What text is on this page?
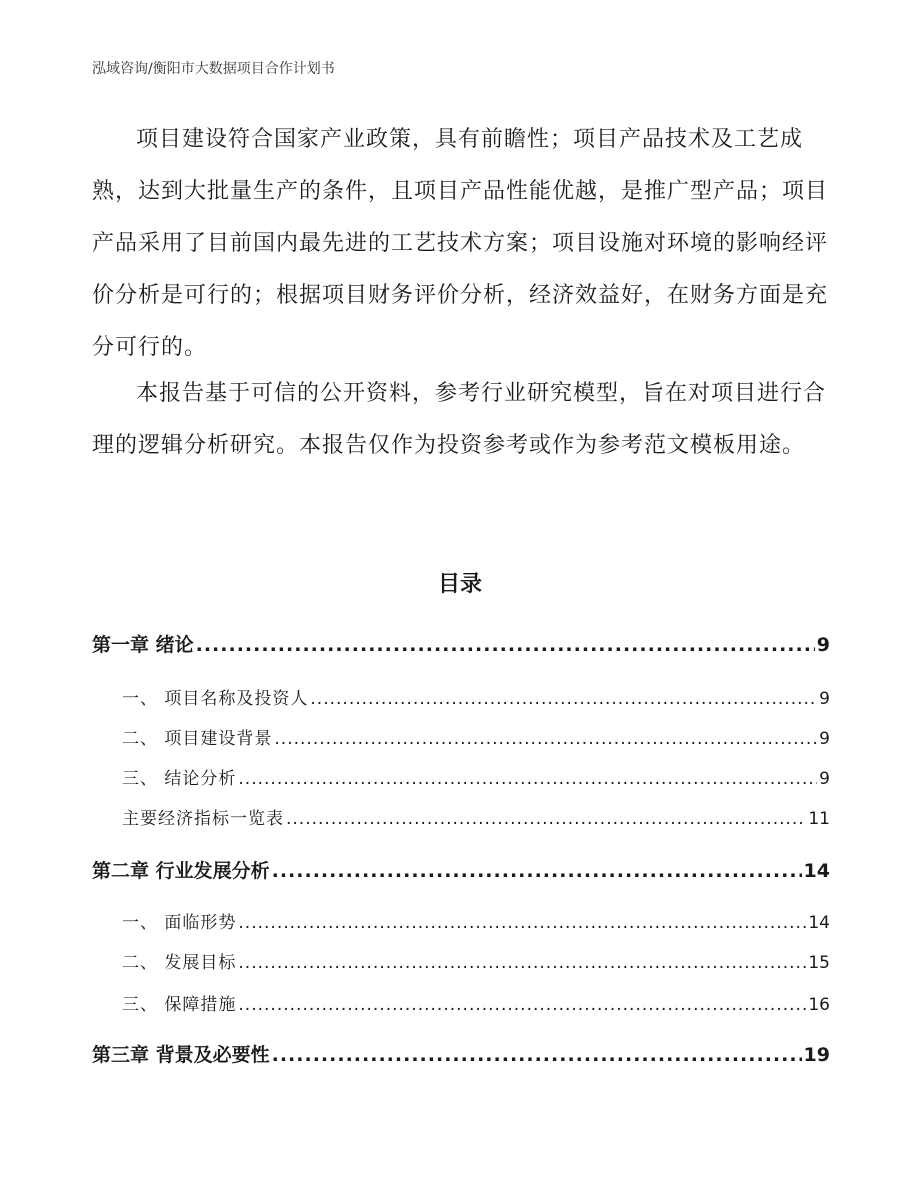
泓域咨询/衡阳市大数据项目合作计划书

项目建设符合国家产业政策，具有前瞻性；项目产品技术及工艺成熟，达到大批量生产的条件，且项目产品性能优越，是推广型产品；项目产品采用了目前国内最先进的工艺技术方案；项目设施对环境的影响经评价分析是可行的；根据项目财务评价分析，经济效益好，在财务方面是充分可行的。

本报告基于可信的公开资料，参考行业研究模型，旨在对项目进行合理的逻辑分析研究。本报告仅作为投资参考或作为参考范文模板用途。

目录
第一章 绪论 .....	9
一、 项目名称及投资人 .....	9
二、 项目建设背景 .....	9
三、 结论分析 .....	9
主要经济指标一览表 .....	11
第二章 行业发展分析 .....	14
一、 面临形势 .....	14
二、 发展目标 .....	15
三、 保障措施 .....	16
第三章 背景及必要性 .....	19
